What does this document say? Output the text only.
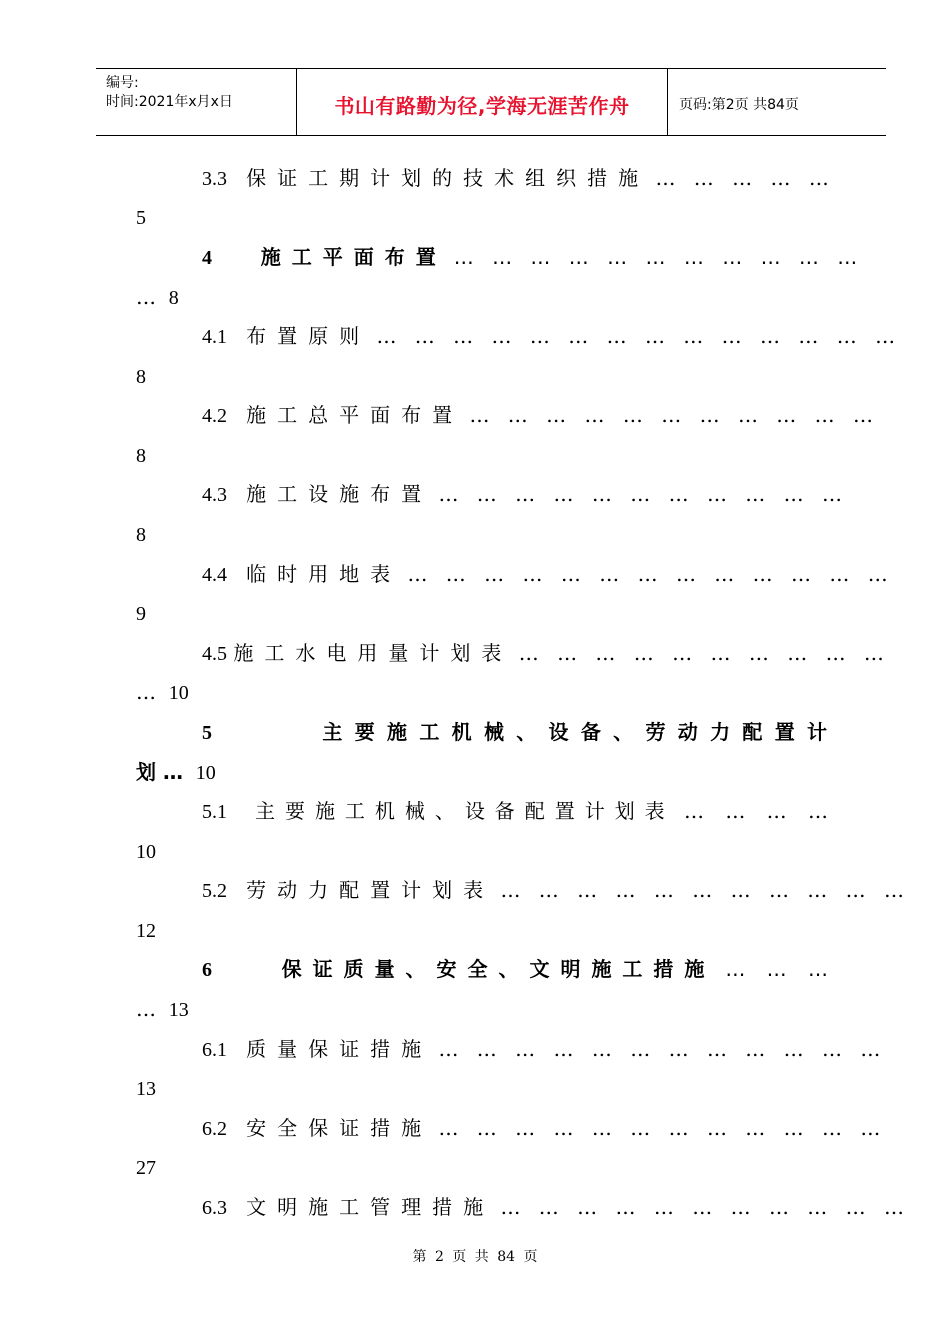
编号:
时间:2021年x月x日	书山有路勤为径,学海无涯苦作舟	页码:第2页 共84页
3.3 保证工期计划的技术组织措施 … … … … …
5
4 施工平面布置 … … … … … … … … … … …
… 8
4.1 布置原则 … … … … … … … … … … … … … …
8
4.2 施工总平面布置 … … … … … … … … … … …
8
4.3 施工设施布置 … … … … … … … … … … …
8
4.4 临时用地表 … … … … … … … … … … … … …
9
4.5 施工水电用量计划表 … … … … … … … … … …
… 10
5	主要施工机械、设备、劳动力配置计
划 … 10
5.1 主要施工机械、设备配置计划表 … … … …
10
5.2 劳动力配置计划表 … … … … … … … … … … …
12
6	保证质量、安全、文明施工措施 … … …
… 13
6.1 质量保证措施 … … … … … … … … … … … …
13
6.2 安全保证措施 … … … … … … … … … … … …
27
6.3 文明施工管理措施 … … … … … … … … … … …
第 2 页 共 84 页
